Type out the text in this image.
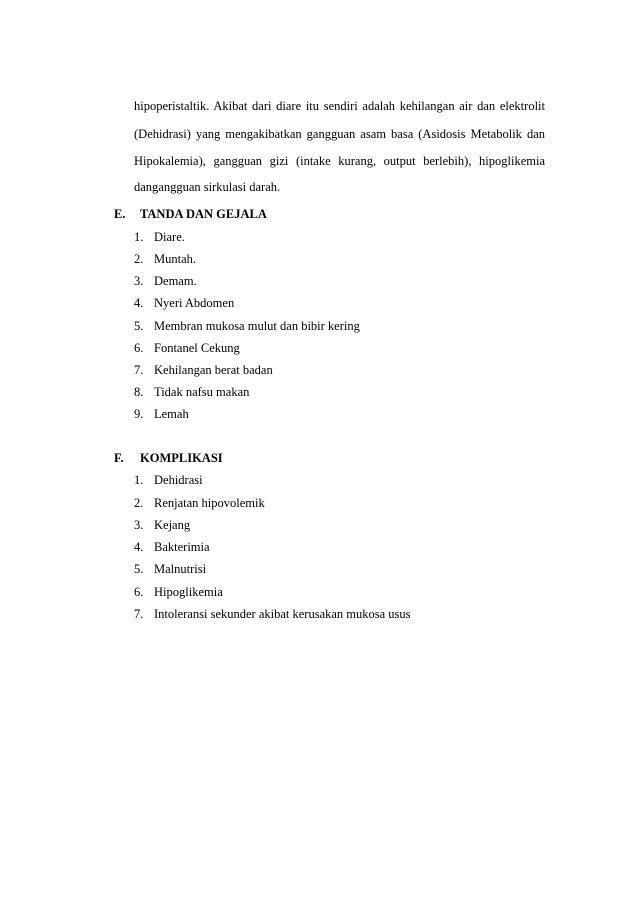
hipoperistaltik. Akibat dari diare itu sendiri adalah kehilangan air dan elektrolit
(Dehidrasi) yang mengakibatkan gangguan asam basa (Asidosis Metabolik dan
Hipokalemia), gangguan gizi (intake kurang, output berlebih), hipoglikemia
dangangguan sirkulasi darah.
E. TANDA DAN GEJALA
1. Diare.
2. Muntah.
3. Demam.
4. Nyeri Abdomen
5. Membran mukosa mulut dan bibir kering
6. Fontanel Cekung
7. Kehilangan berat badan
8. Tidak nafsu makan
9. Lemah
F. KOMPLIKASI
1. Dehidrasi
2. Renjatan hipovolemik
3. Kejang
4. Bakterimia
5. Malnutrisi
6. Hipoglikemia
7. Intoleransi sekunder akibat kerusakan mukosa usus
